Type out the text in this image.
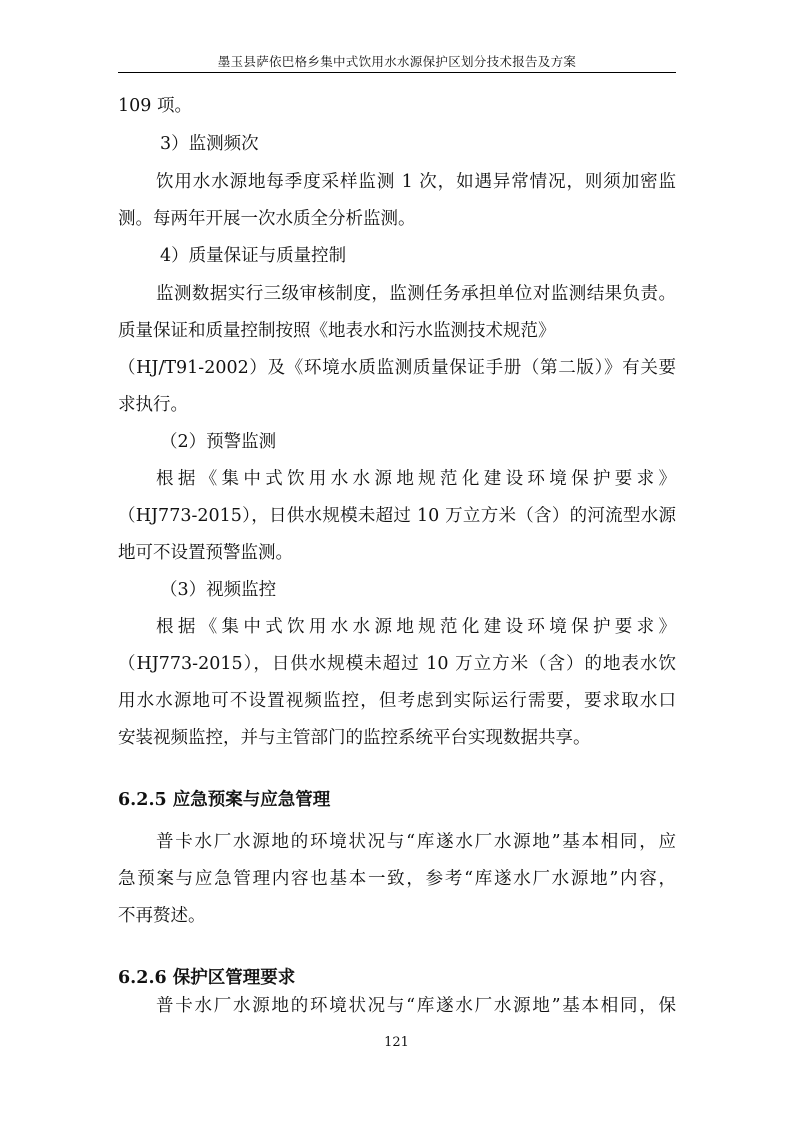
墨玉县萨依巴格乡集中式饮用水水源保护区划分技术报告及方案
109 项。
3）监测频次
饮用水水源地每季度采样监测 1 次，如遇异常情况，则须加密监
测。每两年开展一次水质全分析监测。
4）质量保证与质量控制
监测数据实行三级审核制度，监测任务承担单位对监测结果负责。
质量保证和质量控制按照《地表水和污水监测技术规范》
（HJ/T91-2002）及《环境水质监测质量保证手册（第二版）》有关要
求执行。
（2）预警监测
根据《集中式饮用水水源地规范化建设环境保护要求》
（HJ773-2015），日供水规模未超过 10 万立方米（含）的河流型水源
地可不设置预警监测。
（3）视频监控
根据《集中式饮用水水源地规范化建设环境保护要求》
（HJ773-2015），日供水规模未超过 10 万立方米（含）的地表水饮
用水水源地可不设置视频监控，但考虑到实际运行需要，要求取水口
安装视频监控，并与主管部门的监控系统平台实现数据共享。
6.2.5 应急预案与应急管理
普卡水厂水源地的环境状况与“库遂水厂水源地”基本相同，应
急预案与应急管理内容也基本一致，参考“库遂水厂水源地”内容，
不再赘述。
6.2.6 保护区管理要求
普卡水厂水源地的环境状况与“库遂水厂水源地”基本相同，保
121
